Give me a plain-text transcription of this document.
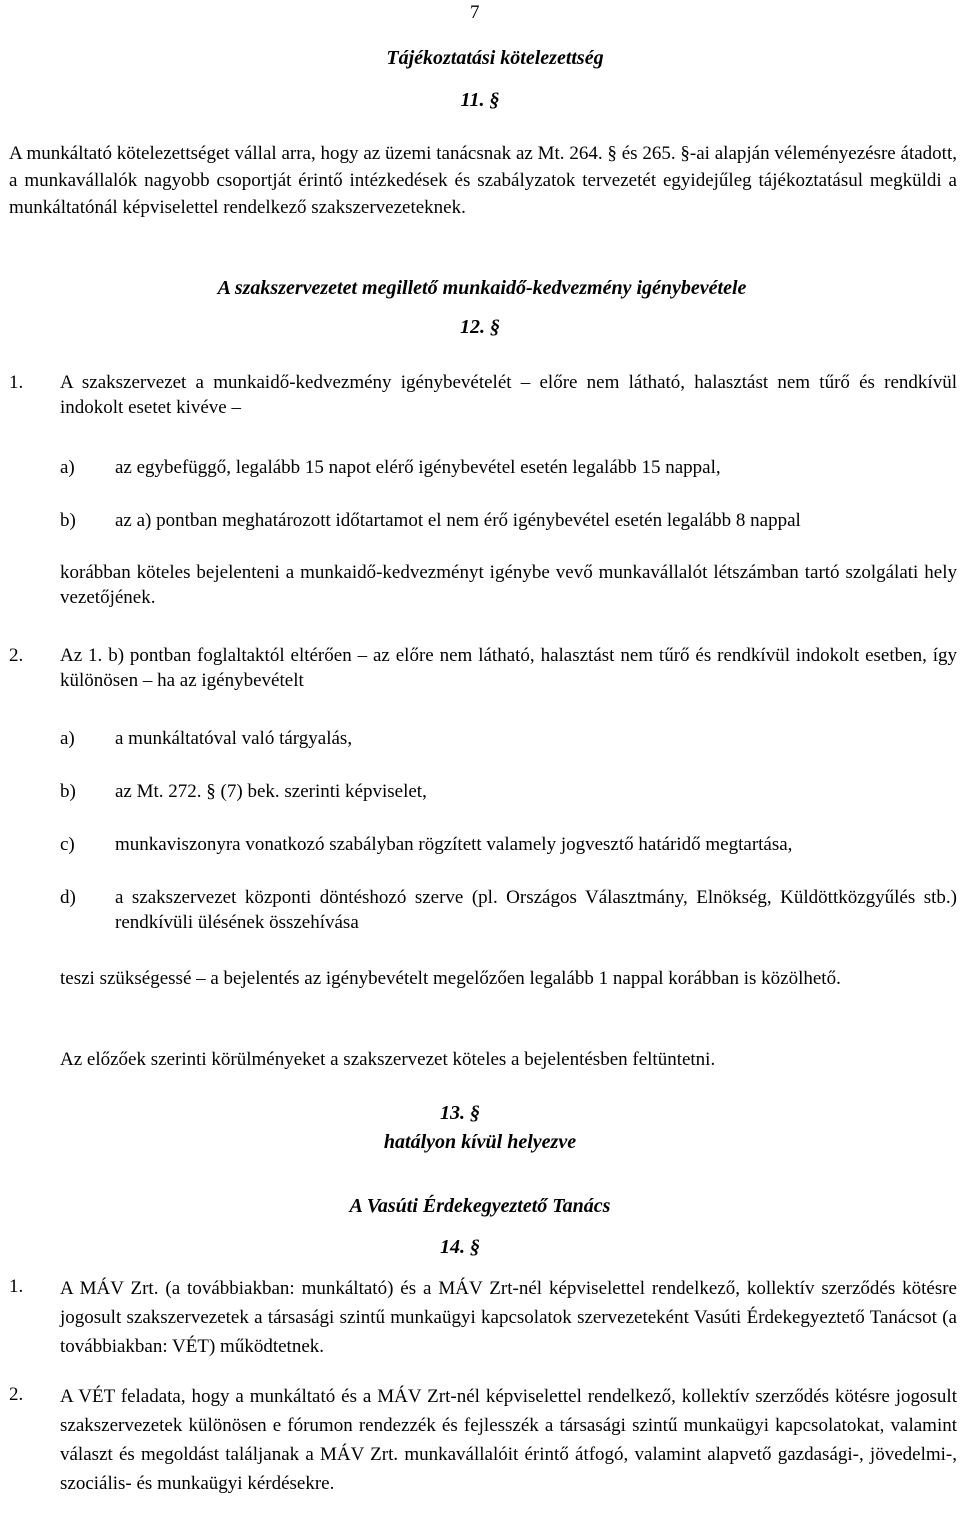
7
Tájékoztatási kötelezettség
11. §
A munkáltató kötelezettséget vállal arra, hogy az üzemi tanácsnak az Mt. 264. § és 265. §-ai alapján véleményezésre átadott, a munkavállalók nagyobb csoportját érintő intézkedések és szabályzatok tervezetét egyidejűleg tájékoztatásul megküldi a munkáltatónál képviselettel rendelkező szakszervezeteknek.
A szakszervezetet megillető munkaidő-kedvezmény igénybevétele
12. §
1. A szakszervezet a munkaidő-kedvezmény igénybevételét – előre nem látható, halasztást nem tűrő és rendkívül indokolt esetet kivéve –
a) az egybefüggő, legalább 15 napot elérő igénybevétel esetén legalább 15 nappal,
b) az a) pontban meghatározott időtartamot el nem érő igénybevétel esetén legalább 8 nappal
korábban köteles bejelenteni a munkaidő-kedvezményt igénybe vevő munkavállalót létszámban tartó szolgálati hely vezetőjének.
2. Az 1. b) pontban foglaltaktól eltérően – az előre nem látható, halasztást nem tűrő és rendkívül indokolt esetben, így különösen – ha az igénybevételt
a) a munkáltatóval való tárgyalás,
b) az Mt. 272. § (7) bek. szerinti képviselet,
c) munkaviszonyra vonatkozó szabályban rögzített valamely jogvesztő határidő megtartása,
d) a szakszervezet központi döntéshozó szerve (pl. Országos Választmány, Elnökség, Küldöttközgyűlés stb.) rendkívüli ülésének összehívása
teszi szükségessé – a bejelentés az igénybevételt megelőzően legalább 1 nappal korábban is közölhető.
Az előzőek szerinti körülményeket a szakszervezet köteles a bejelentésben feltüntetni.
13. §
hatályon kívül helyezve
A Vasúti Érdekegyeztető Tanács
14. §
1. A MÁV Zrt. (a továbbiakban: munkáltató) és a MÁV Zrt-nél képviselettel rendelkező, kollektív szerződés kötésre jogosult szakszervezetek a társasági szintű munkaügyi kapcsolatok szervezeteként Vasúti Érdekegyeztető Tanácsot (a továbbiakban: VÉT) működtetnek.
2. A VÉT feladata, hogy a munkáltató és a MÁV Zrt-nél képviselettel rendelkező, kollektív szerződés kötésre jogosult szakszervezetek különösen e fórumon rendezzék és fejlesszék a társasági szintű munkaügyi kapcsolatokat, valamint választ és megoldást találjanak a MÁV Zrt. munkavállalóit érintő átfogó, valamint alapvető gazdasági-, jövedelmi-, szociális- és munkaügyi kérdésekre.
